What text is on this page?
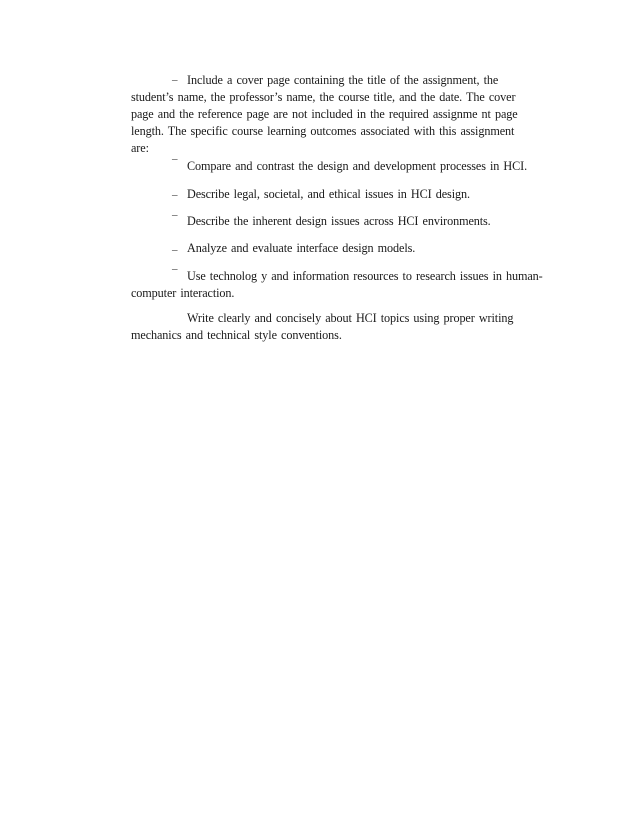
– Include a cover page containing the title of the assignment, the
student’s name, the professor’s name, the course title, and the date. The cover
page and the reference page are not included in the required assignme nt page
length. The specific course learning outcomes associated with this assignment
are:
– Compare and contrast the design and development processes in HCI.
– Describe legal, societal, and ethical issues in HCI design.
– Describe the inherent design issues across HCI environments.
– Analyze and evaluate interface design models.
– Use technolog y and information resources to research issues in human-
computer interaction.
Write clearly and concisely about HCI topics using proper writing
mechanics and technical style conventions.
